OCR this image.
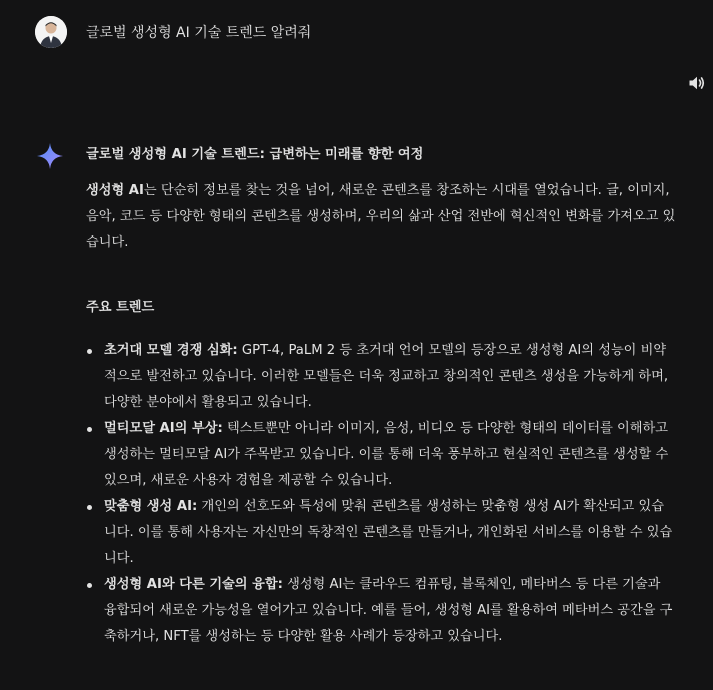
글로벌 생성형 AI 기술 트렌드 알려줘
글로벌 생성형 AI 기술 트렌드: 급변하는 미래를 향한 여정

생성형 AI는 단순히 정보를 찾는 것을 넘어, 새로운 콘텐츠를 창조하는 시대를 열었습니다. 글, 이미지, 음악, 코드 등 다양한 형태의 콘텐츠를 생성하며, 우리의 삶과 산업 전반에 혁신적인 변화를 가져오고 있습니다.

주요 트렌드
초거대 모델 경쟁 심화: GPT-4, PaLM 2 등 초거대 언어 모델의 등장으로 생성형 AI의 성능이 비약적으로 발전하고 있습니다. 이러한 모델들은 더욱 정교하고 창의적인 콘텐츠 생성을 가능하게 하며, 다양한 분야에서 활용되고 있습니다.
멀티모달 AI의 부상: 텍스트뿐만 아니라 이미지, 음성, 비디오 등 다양한 형태의 데이터를 이해하고 생성하는 멀티모달 AI가 주목받고 있습니다. 이를 통해 더욱 풍부하고 현실적인 콘텐츠를 생성할 수 있으며, 새로운 사용자 경험을 제공할 수 있습니다.
맞춤형 생성 AI: 개인의 선호도와 특성에 맞춰 콘텐츠를 생성하는 맞춤형 생성 AI가 확산되고 있습니다. 이를 통해 사용자는 자신만의 독창적인 콘텐츠를 만들거나, 개인화된 서비스를 이용할 수 있습니다.
생성형 AI와 다른 기술의 융합: 생성형 AI는 클라우드 컴퓨팅, 블록체인, 메타버스 등 다른 기술과 융합되어 새로운 가능성을 열어가고 있습니다. 예를 들어, 생성형 AI를 활용하여 메타버스 공간을 구축하거나, NFT를 생성하는 등 다양한 활용 사례가 등장하고 있습니다.
